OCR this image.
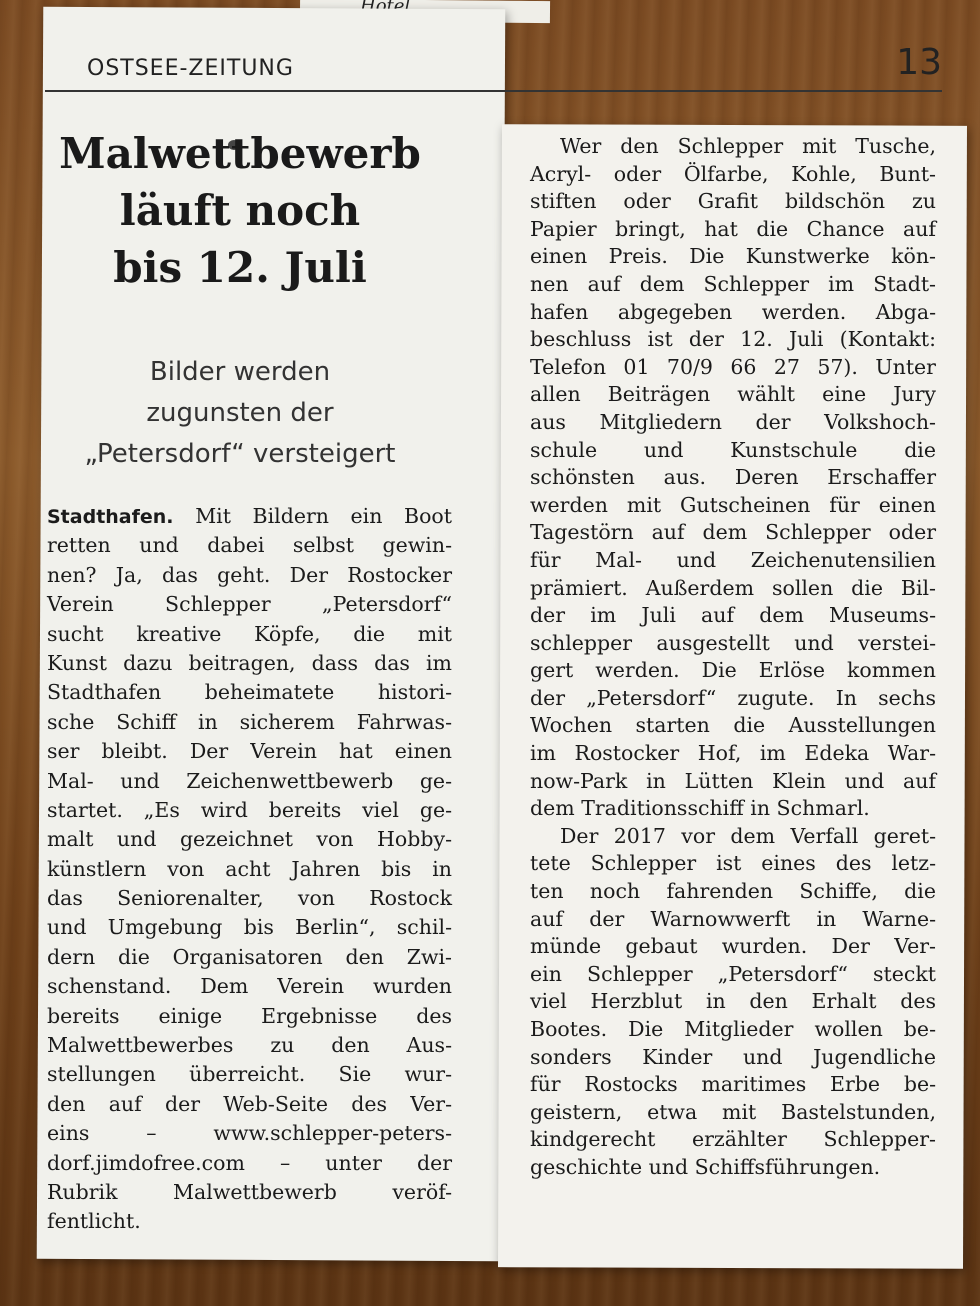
OSTSEE-ZEITUNG	13
Malwettbewerb
läuft noch
bis 12. Juli
Bilder werden
zugunsten der
„Petersdorf“ versteigert
Stadthafen. Mit Bildern ein Boot
retten und dabei selbst gewin-
nen? Ja, das geht. Der Rostocker
Verein Schlepper „Petersdorf“
sucht kreative Köpfe, die mit
Kunst dazu beitragen, dass das im
Stadthafen beheimatete histori-
sche Schiff in sicherem Fahrwas-
ser bleibt. Der Verein hat einen
Mal- und Zeichenwettbewerb ge-
startet. „Es wird bereits viel ge-
malt und gezeichnet von Hobby-
künstlern von acht Jahren bis in
das Seniorenalter, von Rostock
und Umgebung bis Berlin“, schil-
dern die Organisatoren den Zwi-
schenstand. Dem Verein wurden
bereits einige Ergebnisse des
Malwettbewerbes zu den Aus-
stellungen überreicht. Sie wur-
den auf der Web-Seite des Ver-
eins – www.schlepper-peters-
dorf.jimdofree.com – unter der
Rubrik Malwettbewerb veröf-
fentlicht.
Wer den Schlepper mit Tusche,
Acryl- oder Ölfarbe, Kohle, Bunt-
stiften oder Grafit bildschön zu
Papier bringt, hat die Chance auf
einen Preis. Die Kunstwerke kön-
nen auf dem Schlepper im Stadt-
hafen abgegeben werden. Abga-
beschluss ist der 12. Juli (Kontakt:
Telefon 01 70/9 66 27 57). Unter
allen Beiträgen wählt eine Jury
aus Mitgliedern der Volkshoch-
schule und Kunstschule die
schönsten aus. Deren Erschaffer
werden mit Gutscheinen für einen
Tagestörn auf dem Schlepper oder
für Mal- und Zeichenutensilien
prämiert. Außerdem sollen die Bil-
der im Juli auf dem Museums-
schlepper ausgestellt und verstei-
gert werden. Die Erlöse kommen
der „Petersdorf“ zugute. In sechs
Wochen starten die Ausstellungen
im Rostocker Hof, im Edeka War-
now-Park in Lütten Klein und auf
dem Traditionsschiff in Schmarl.
Der 2017 vor dem Verfall geret-
tete Schlepper ist eines des letz-
ten noch fahrenden Schiffe, die
auf der Warnowwerft in Warne-
münde gebaut wurden. Der Ver-
ein Schlepper „Petersdorf“ steckt
viel Herzblut in den Erhalt des
Bootes. Die Mitglieder wollen be-
sonders Kinder und Jugendliche
für Rostocks maritimes Erbe be-
geistern, etwa mit Bastelstunden,
kindgerecht erzählter Schlepper-
geschichte und Schiffsführungen.
